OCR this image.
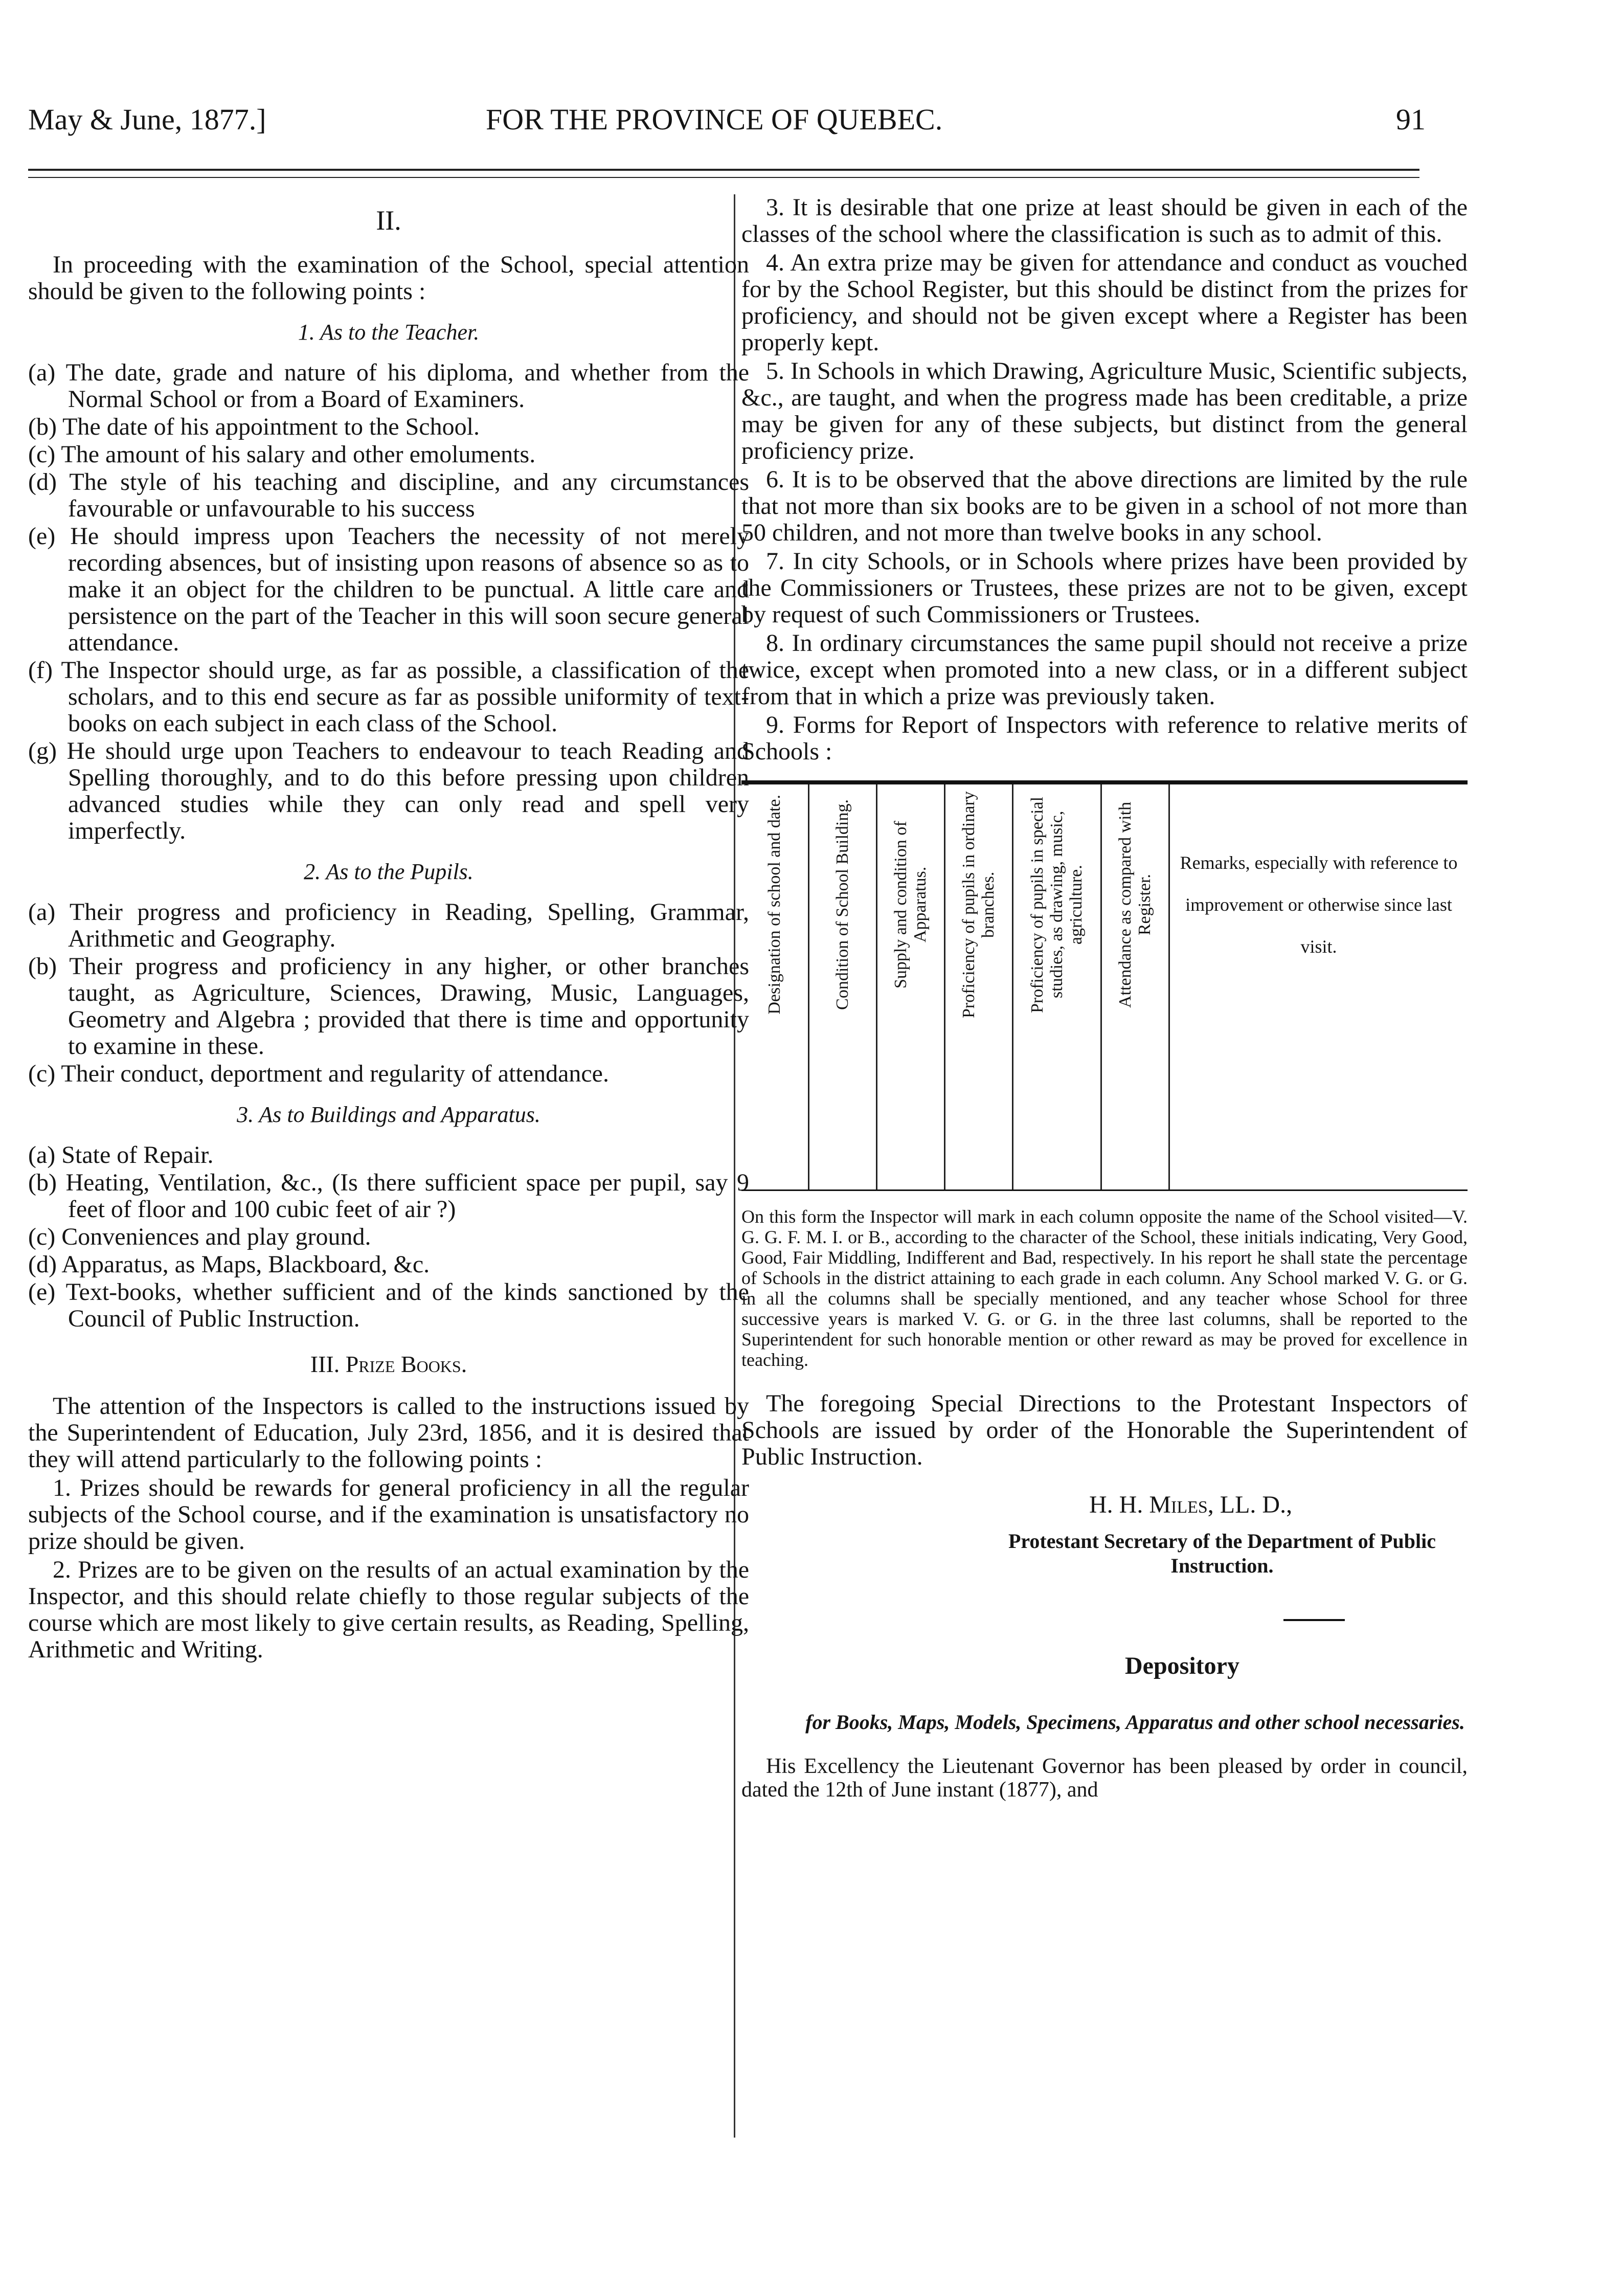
May & June, 1877.]	FOR THE PROVINCE OF QUEBEC.	91
II.

In proceeding with the examination of the School, special attention should be given to the following points :

1. As to the Teacher.

(a) The date, grade and nature of his diploma, and whether from the Normal School or from a Board of Examiners.

(b) The date of his appointment to the School.

(c) The amount of his salary and other emoluments.

(d) The style of his teaching and discipline, and any circumstances favourable or unfavourable to his success

(e) He should impress upon Teachers the necessity of not merely recording absences, but of insisting upon reasons of absence so as to make it an object for the children to be punctual. A little care and persistence on the part of the Teacher in this will soon secure general attendance.

(f) The Inspector should urge, as far as possible, a classification of the scholars, and to this end secure as far as possible uniformity of text-books on each subject in each class of the School.

(g) He should urge upon Teachers to endeavour to teach Reading and Spelling thoroughly, and to do this before pressing upon children advanced studies while they can only read and spell very imperfectly.

2. As to the Pupils.

(a) Their progress and proficiency in Reading, Spelling, Grammar, Arithmetic and Geography.

(b) Their progress and proficiency in any higher, or other branches taught, as Agriculture, Sciences, Drawing, Music, Languages, Geometry and Algebra ; provided that there is time and opportunity to examine in these.

(c) Their conduct, deportment and regularity of attendance.

3. As to Buildings and Apparatus.

(a) State of Repair.

(b) Heating, Ventilation, &c., (Is there sufficient space per pupil, say 9 feet of floor and 100 cubic feet of air ?)

(c) Conveniences and play ground.

(d) Apparatus, as Maps, Blackboard, &c.

(e) Text-books, whether sufficient and of the kinds sanctioned by the Council of Public Instruction.

III. Prize Books.

The attention of the Inspectors is called to the instructions issued by the Superintendent of Education, July 23rd, 1856, and it is desired that they will attend particularly to the following points :

1. Prizes should be rewards for general proficiency in all the regular subjects of the School course, and if the examination is unsatisfactory no prize should be given.

2. Prizes are to be given on the results of an actual examination by the Inspector, and this should relate chiefly to those regular subjects of the course which are most likely to give certain results, as Reading, Spelling, Arithmetic and Writing.

3. It is desirable that one prize at least should be given in each of the classes of the school where the classification is such as to admit of this.

4. An extra prize may be given for attendance and conduct as vouched for by the School Register, but this should be distinct from the prizes for proficiency, and should not be given except where a Register has been properly kept.

5. In Schools in which Drawing, Agriculture Music, Scientific subjects, &c., are taught, and when the progress made has been creditable, a prize may be given for any of these subjects, but distinct from the general proficiency prize.

6. It is to be observed that the above directions are limited by the rule that not more than six books are to be given in a school of not more than 50 children, and not more than twelve books in any school.

7. In city Schools, or in Schools where prizes have been provided by the Commissioners or Trustees, these prizes are not to be given, except by request of such Commissioners or Trustees.

8. In ordinary circumstances the same pupil should not receive a prize twice, except when promoted into a new class, or in a different subject from that in which a prize was previously taken.

9. Forms for Report of Inspectors with reference to relative merits of Schools :

Designation of school and date.	Condition of School Building.	Supply and condition of Apparatus.	Proficiency of pupils in ordinary branches.	Proficiency of pupils in special studies, as drawing, music, agriculture.	Attendance as compared with Register.	Remarks, especially with reference to improvement or otherwise since last visit.

On this form the Inspector will mark in each column opposite the name of the School visited—V. G. G. F. M. I. or B., according to the character of the School, these initials indicating, Very Good, Good, Fair Middling, Indifferent and Bad, respectively. In his report he shall state the percentage of Schools in the district attaining to each grade in each column. Any School marked V. G. or G. in all the columns shall be specially mentioned, and any teacher whose School for three successive years is marked V. G. or G. in the three last columns, shall be reported to the Superintendent for such honorable mention or other reward as may be proved for excellence in teaching.

The foregoing Special Directions to the Protestant Inspectors of Schools are issued by order of the Honorable the Superintendent of Public Instruction.

H. H. Miles, LL. D.,
Protestant Secretary of the Department of Public Instruction.
Depository
for Books, Maps, Models, Specimens, Apparatus and other school necessaries.

His Excellency the Lieutenant Governor has been pleased by order in council, dated the 12th of June instant (1877), and
